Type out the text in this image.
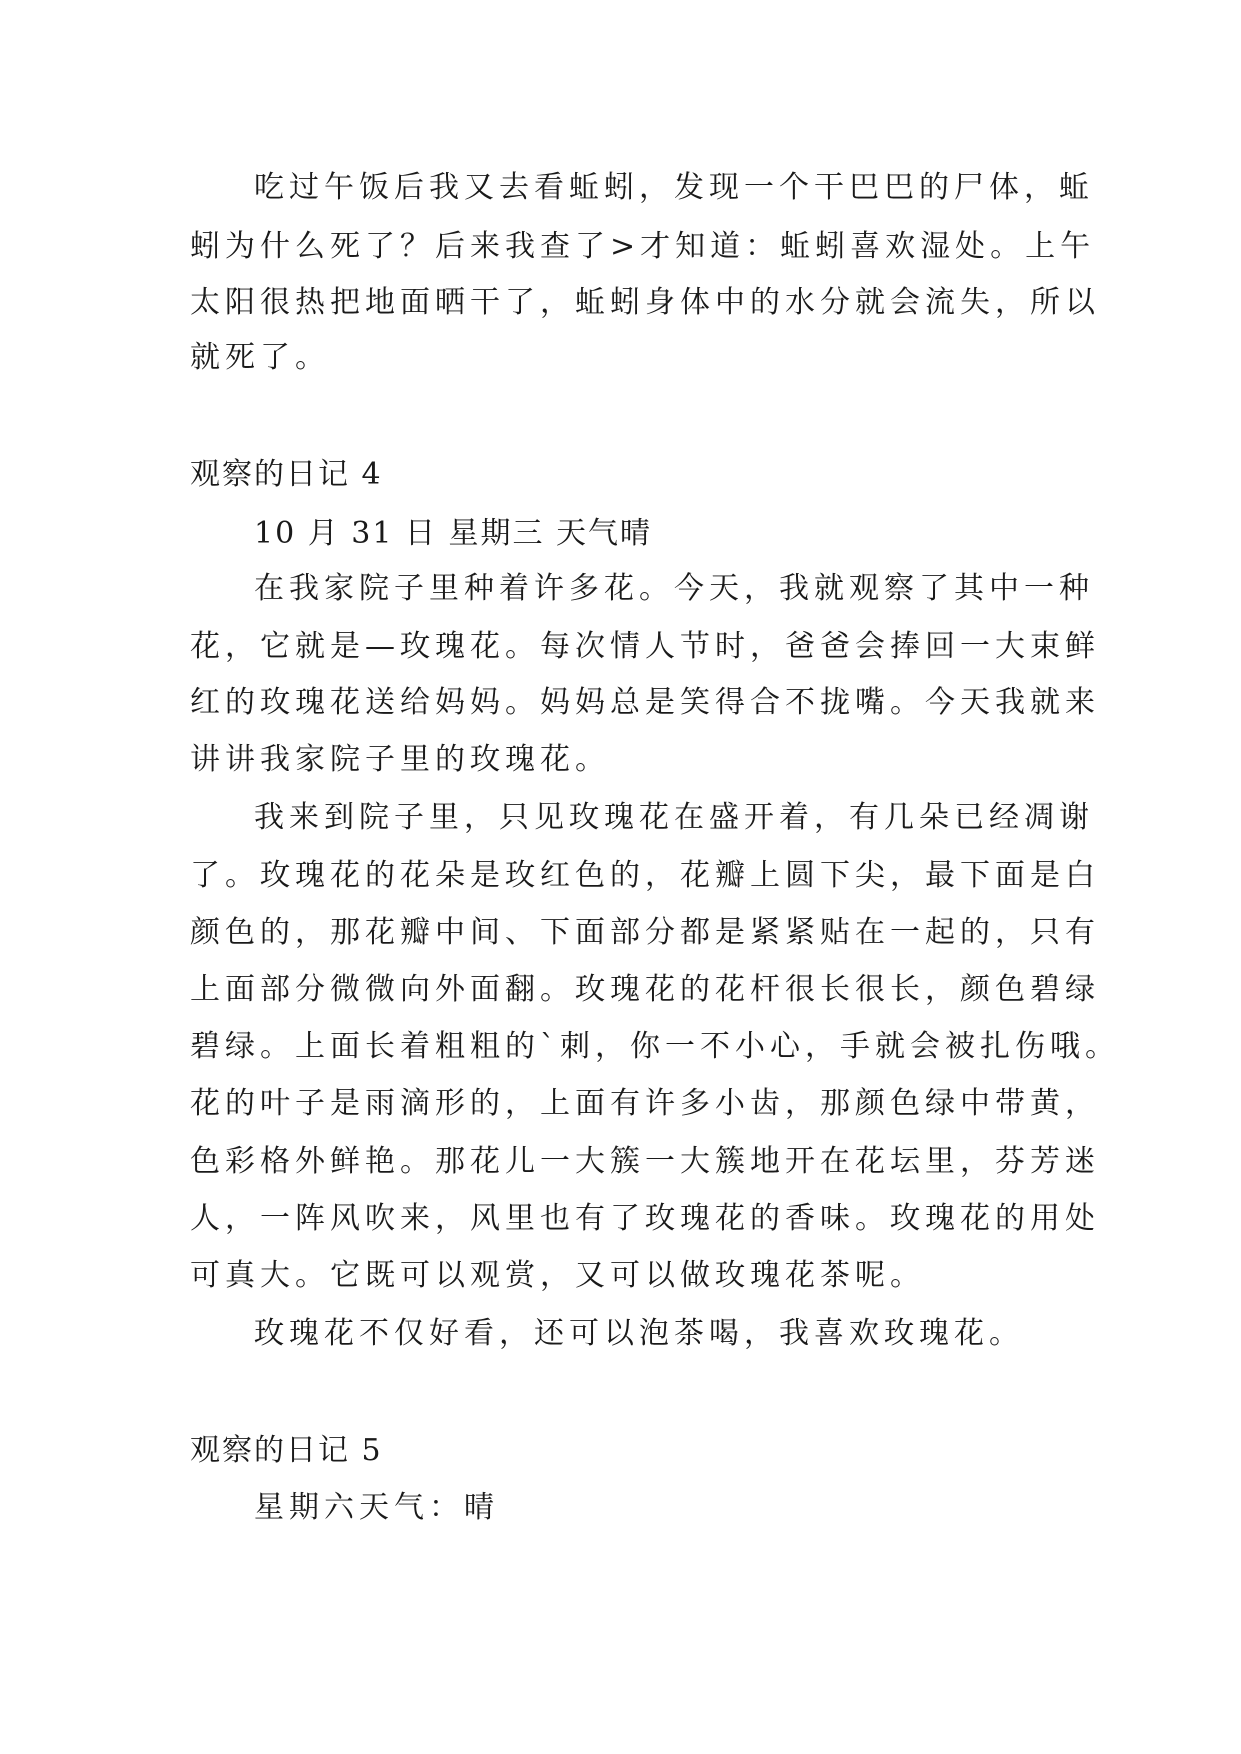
吃过午饭后我又去看蚯蚓，发现一个干巴巴的尸体，蚯
蚓为什么死了？后来我查了>才知道：蚯蚓喜欢湿处。上午
太阳很热把地面晒干了，蚯蚓身体中的水分就会流失，所以
就死了。
观察的日记 4
10 月 31 日 星期三 天气晴
在我家院子里种着许多花。今天，我就观察了其中一种
花，它就是—玫瑰花。每次情人节时，爸爸会捧回一大束鲜
红的玫瑰花送给妈妈。妈妈总是笑得合不拢嘴。今天我就来
讲讲我家院子里的玫瑰花。
我来到院子里，只见玫瑰花在盛开着，有几朵已经凋谢
了。玫瑰花的花朵是玫红色的，花瓣上圆下尖，最下面是白
颜色的，那花瓣中间、下面部分都是紧紧贴在一起的，只有
上面部分微微向外面翻。玫瑰花的花杆很长很长，颜色碧绿
碧绿。上面长着粗粗的`刺，你一不小心，手就会被扎伤哦。
花的叶子是雨滴形的，上面有许多小齿，那颜色绿中带黄，
色彩格外鲜艳。那花儿一大簇一大簇地开在花坛里，芬芳迷
人，一阵风吹来，风里也有了玫瑰花的香味。玫瑰花的用处
可真大。它既可以观赏，又可以做玫瑰花茶呢。
玫瑰花不仅好看，还可以泡茶喝，我喜欢玫瑰花。
观察的日记 5
星期六天气：晴
